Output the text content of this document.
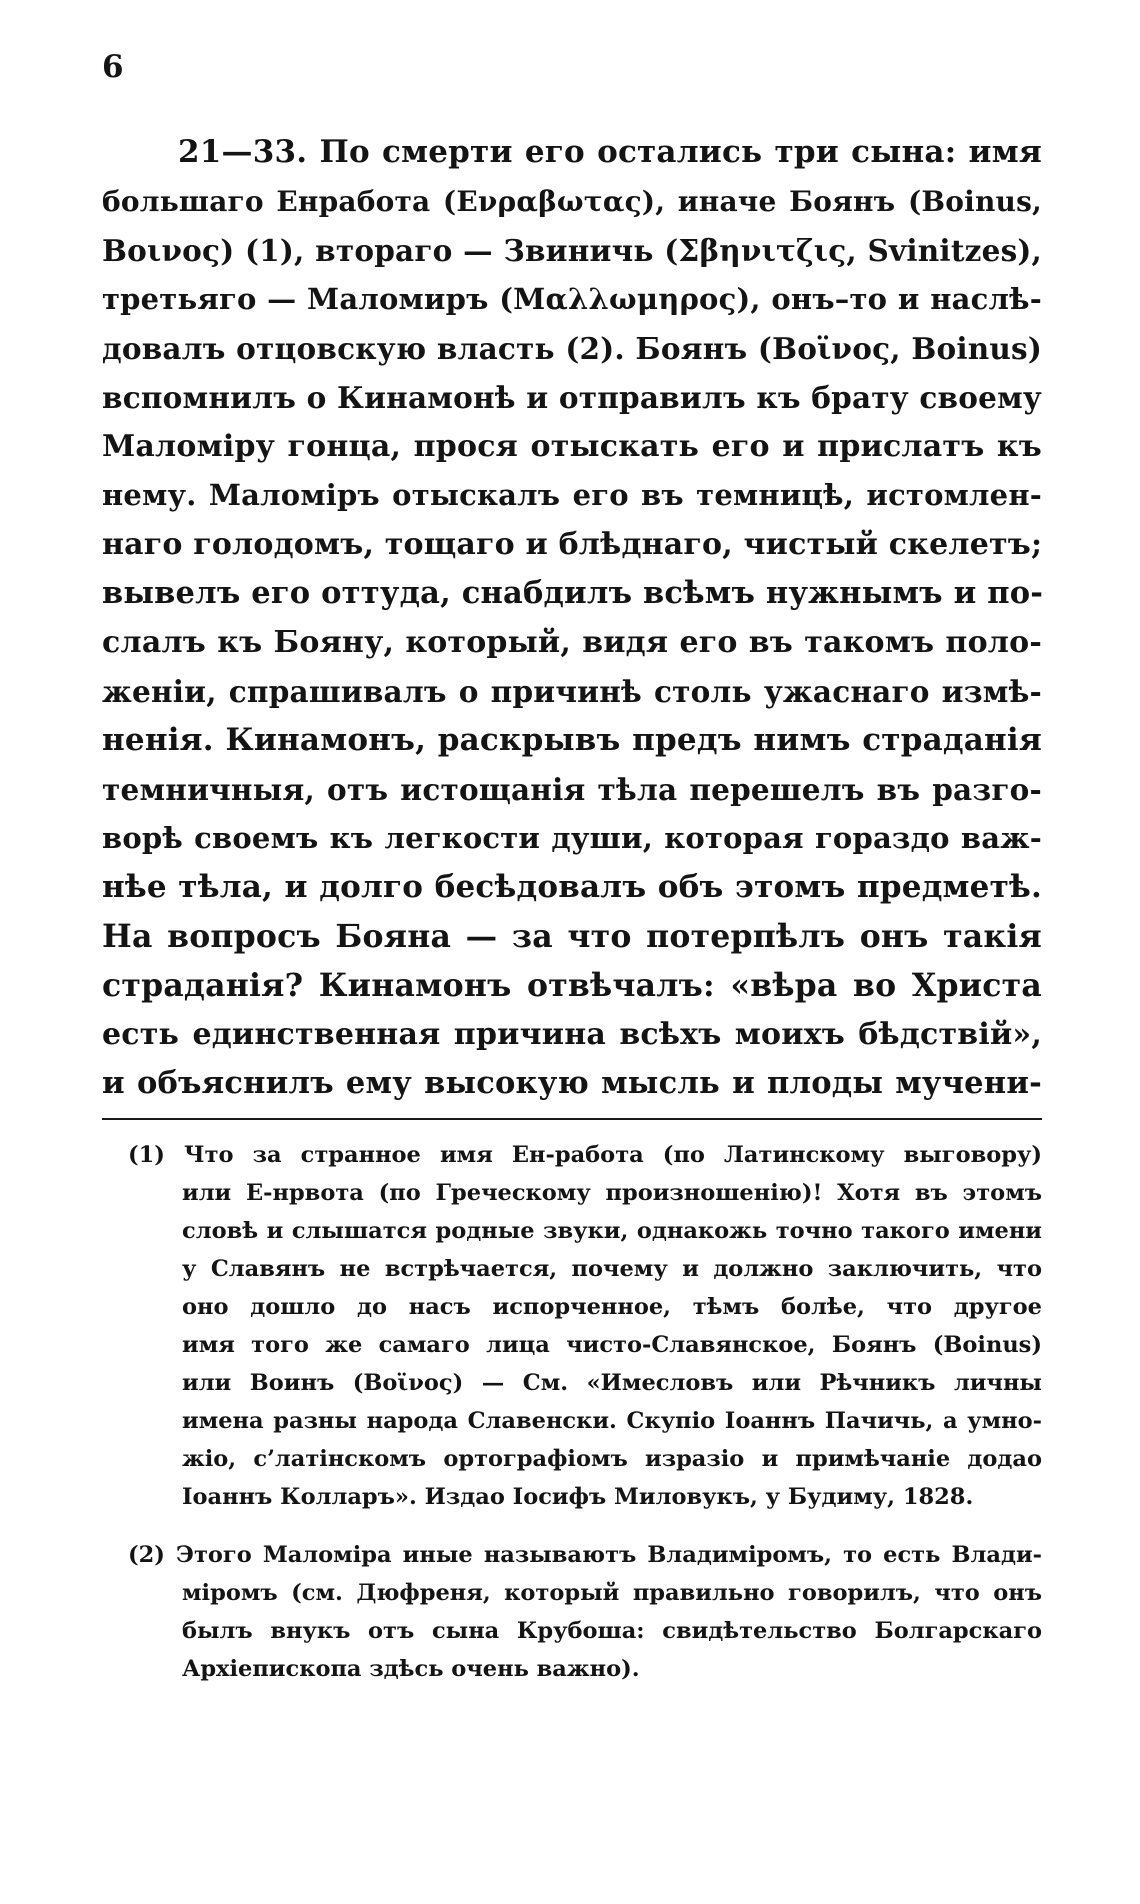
6
21—33. По смерти его остались три сына: имя
большаго Енработа (Ενραβωτας), иначе Боянъ (Boinus,
Βοινος) (1), втораго — Звиничь (Σβηνιτζις, Svinitzes),
третьяго — Маломиръ (Μαλλωμηρος), онъ–то и наслѣ-
довалъ отцовскую власть (2). Боянъ (Βοϊνος, Boinus)
вспомнилъ о Кинамонѣ и отправилъ къ брату своему
Маломіру гонца, прося отыскать его и прислатъ къ
нему. Маломіръ отыскалъ его въ темницѣ, истомлен-
наго голодомъ, тощаго и блѣднаго, чистый скелетъ;
вывелъ его оттуда, снабдилъ всѣмъ нужнымъ и по-
слалъ къ Бояну, который, видя его въ такомъ поло-
женіи, спрашивалъ о причинѣ столь ужаснаго измѣ-
ненія. Кинамонъ, раскрывъ предъ нимъ страданія
темничныя, отъ истощанія тѣла перешелъ въ разго-
ворѣ своемъ къ легкости души, которая гораздо важ-
нѣе тѣла, и долго бесѣдовалъ объ этомъ предметѣ.
На вопросъ Бояна — за что потерпѣлъ онъ такія
страданія? Кинамонъ отвѣчалъ: «вѣра во Христа
есть единственная причина всѣхъ моихъ бѣдствій»,
и объяснилъ ему высокую мысль и плоды мучени-
(1) Что за странное имя Ен-работа (по Латинскому выговору)
или Е-нрвота (по Греческому произношенію)! Хотя въ этомъ
словѣ и слышатся родные звуки, однакожь точно такого имени
у Славянъ не встрѣчается, почему и должно заключить, что
оно дошло до насъ испорченное, тѣмъ болѣе, что другое
имя того же самаго лица чисто-Славянское, Боянъ (Boinus)
или Воинъ (Βοϊνος) — См. «Имесловъ или Рѣчникъ личны
имена разны народа Славенски. Скупіо Іоаннъ Пачичь, а умно-
жіо, с’латінскомъ ортографіомъ изразіо и примѣчаніе додао
Іоаннъ Колларъ». Издао Іосифъ Миловукъ, у Будиму, 1828.
(2) Этого Маломіра иные называютъ Владиміромъ, то есть Влади-
міромъ (см. Дюфреня, который правильно говорилъ, что онъ
былъ внукъ отъ сына Крубоша: свидѣтельство Болгарскаго
Архіепископа здѣсь очень важно).
